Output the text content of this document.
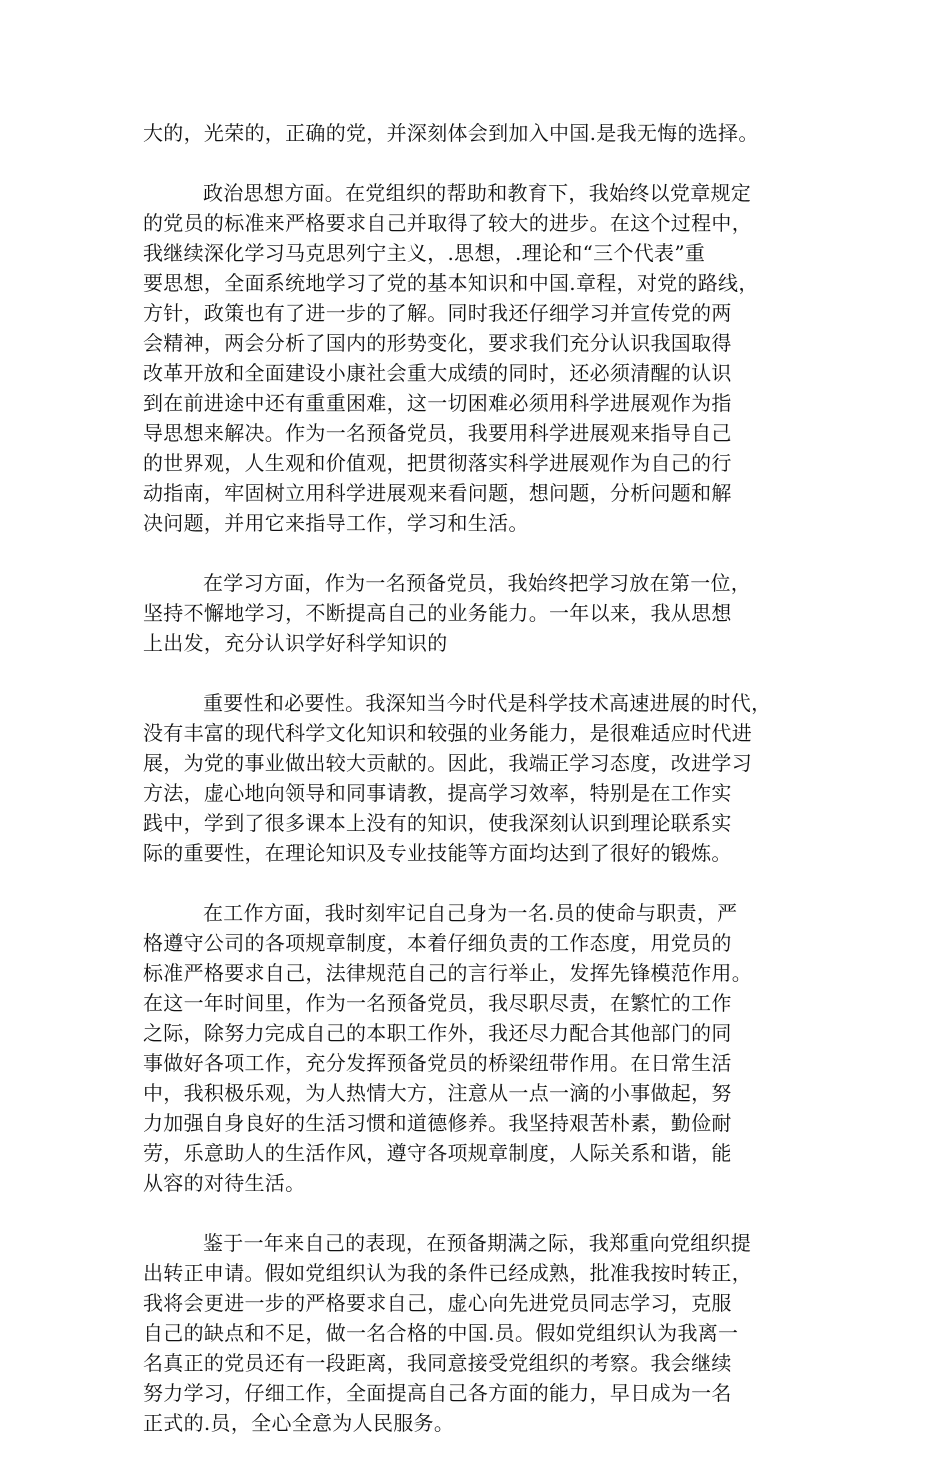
大的，光荣的，正确的党，并深刻体会到加入中国.是我无悔的选择。
政治思想方面。在党组织的帮助和教育下，我始终以党章规定
的党员的标准来严格要求自己并取得了较大的进步。在这个过程中，
我继续深化学习马克思列宁主义，.思想，.理论和“三个代表”重
要思想，全面系统地学习了党的基本知识和中国.章程，对党的路线，
方针，政策也有了进一步的了解。同时我还仔细学习并宣传党的两
会精神，两会分析了国内的形势变化，要求我们充分认识我国取得
改革开放和全面建设小康社会重大成绩的同时，还必须清醒的认识
到在前进途中还有重重困难，这一切困难必须用科学进展观作为指
导思想来解决。作为一名预备党员，我要用科学进展观来指导自己
的世界观，人生观和价值观，把贯彻落实科学进展观作为自己的行
动指南，牢固树立用科学进展观来看问题，想问题，分析问题和解
决问题，并用它来指导工作，学习和生活。
在学习方面，作为一名预备党员，我始终把学习放在第一位，
坚持不懈地学习，不断提高自己的业务能力。一年以来，我从思想
上出发，充分认识学好科学知识的
重要性和必要性。我深知当今时代是科学技术高速进展的时代，
没有丰富的现代科学文化知识和较强的业务能力，是很难适应时代进
展，为党的事业做出较大贡献的。因此，我端正学习态度，改进学习
方法，虚心地向领导和同事请教，提高学习效率，特别是在工作实
践中，学到了很多课本上没有的知识，使我深刻认识到理论联系实
际的重要性，在理论知识及专业技能等方面均达到了很好的锻炼。
在工作方面，我时刻牢记自己身为一名.员的使命与职责，严
格遵守公司的各项规章制度，本着仔细负责的工作态度，用党员的
标准严格要求自己，法律规范自己的言行举止，发挥先锋模范作用。
在这一年时间里，作为一名预备党员，我尽职尽责，在繁忙的工作
之际，除努力完成自己的本职工作外，我还尽力配合其他部门的同
事做好各项工作，充分发挥预备党员的桥梁纽带作用。在日常生活
中，我积极乐观，为人热情大方，注意从一点一滴的小事做起，努
力加强自身良好的生活习惯和道德修养。我坚持艰苦朴素，勤俭耐
劳，乐意助人的生活作风，遵守各项规章制度，人际关系和谐，能
从容的对待生活。
鉴于一年来自己的表现，在预备期满之际，我郑重向党组织提
出转正申请。假如党组织认为我的条件已经成熟，批准我按时转正，
我将会更进一步的严格要求自己，虚心向先进党员同志学习，克服
自己的缺点和不足，做一名合格的中国.员。假如党组织认为我离一
名真正的党员还有一段距离，我同意接受党组织的考察。我会继续
努力学习，仔细工作，全面提高自己各方面的能力，早日成为一名
正式的.员，全心全意为人民服务。
